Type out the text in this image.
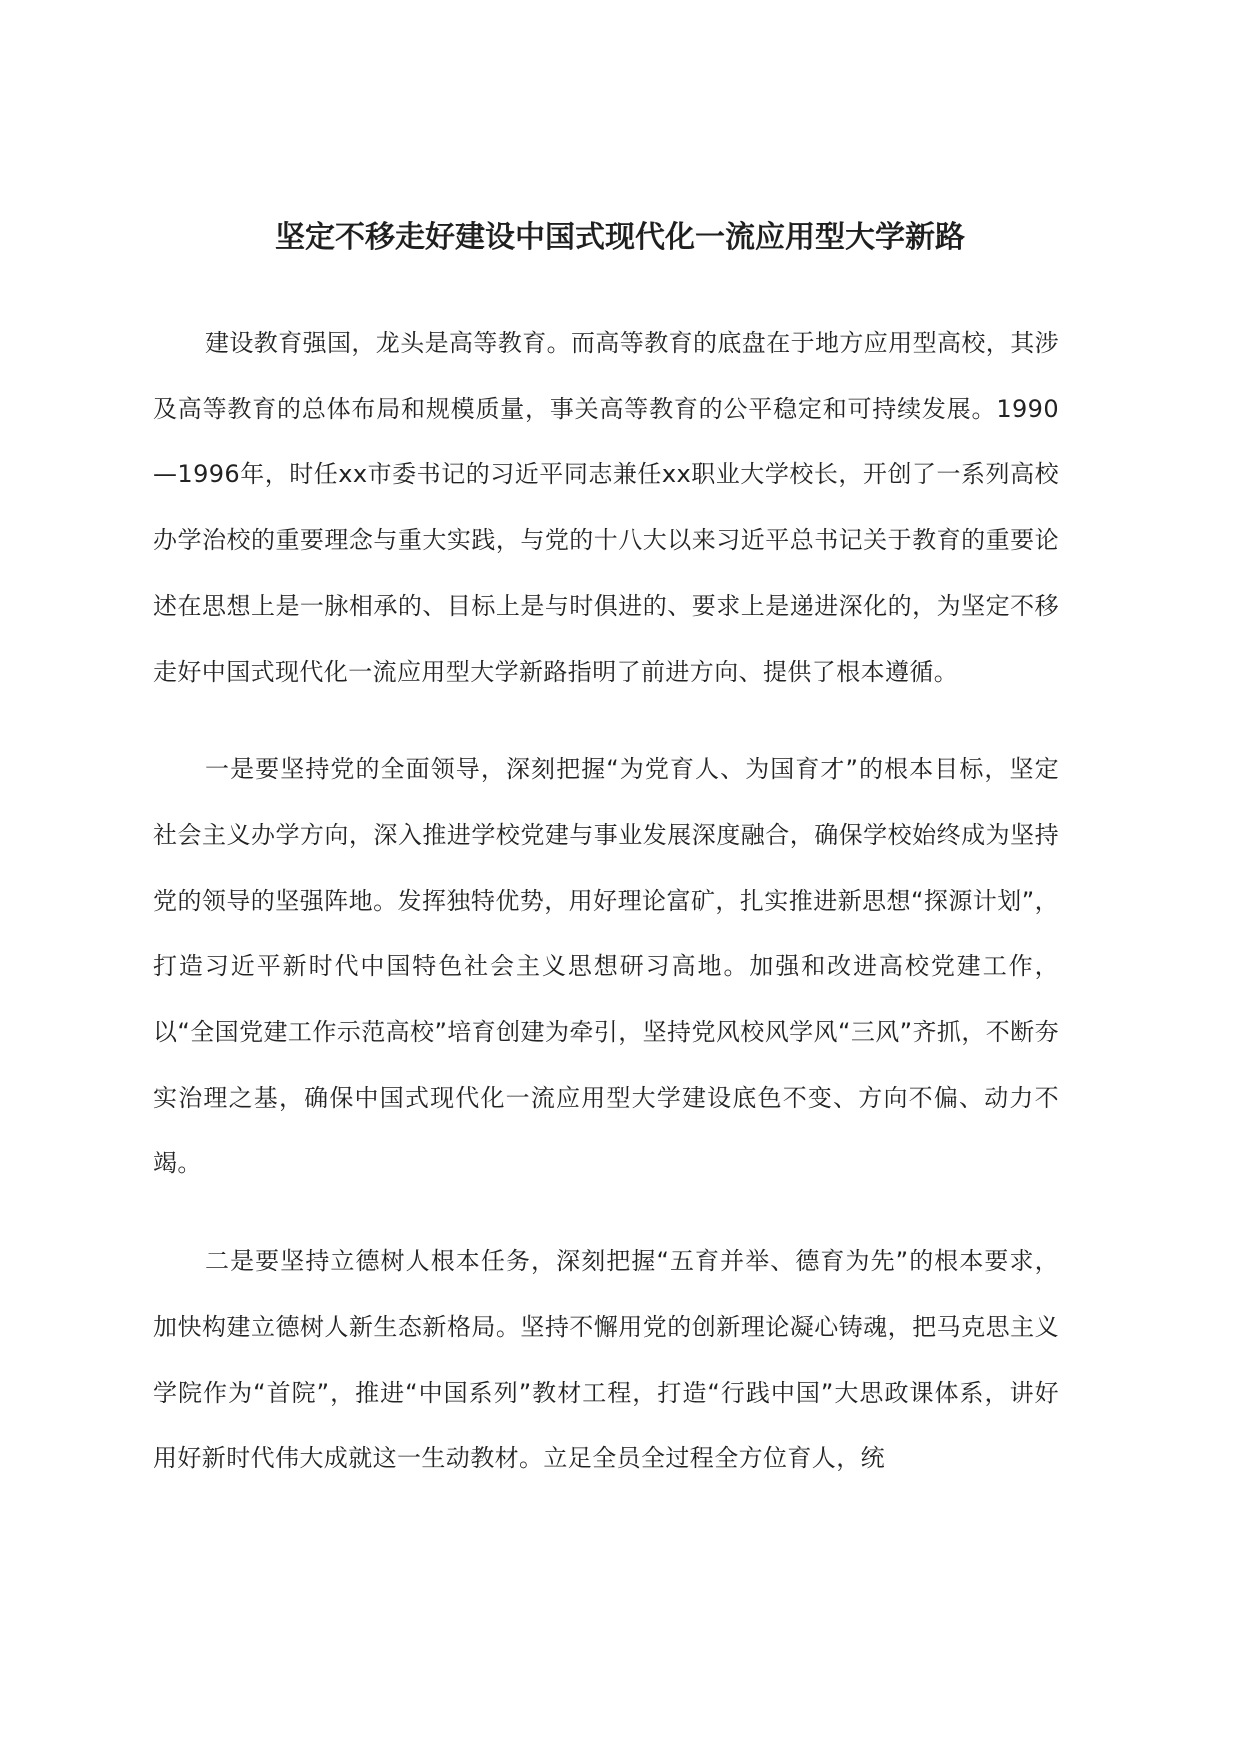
坚定不移走好建设中国式现代化一流应用型大学新路

建设教育强国，龙头是高等教育。而高等教育的底盘在于地方应用型高校，其涉及高等教育的总体布局和规模质量，事关高等教育的公平稳定和可持续发展。1990—1996年，时任xx市委书记的习近平同志兼任xx职业大学校长，开创了一系列高校办学治校的重要理念与重大实践，与党的十八大以来习近平总书记关于教育的重要论述在思想上是一脉相承的、目标上是与时俱进的、要求上是递进深化的，为坚定不移走好中国式现代化一流应用型大学新路指明了前进方向、提供了根本遵循。

一是要坚持党的全面领导，深刻把握“为党育人、为国育才”的根本目标，坚定社会主义办学方向，深入推进学校党建与事业发展深度融合，确保学校始终成为坚持党的领导的坚强阵地。发挥独特优势，用好理论富矿，扎实推进新思想“探源计划”，打造习近平新时代中国特色社会主义思想研习高地。加强和改进高校党建工作，以“全国党建工作示范高校”培育创建为牵引，坚持党风校风学风“三风”齐抓，不断夯实治理之基，确保中国式现代化一流应用型大学建设底色不变、方向不偏、动力不竭。

二是要坚持立德树人根本任务，深刻把握“五育并举、德育为先”的根本要求，加快构建立德树人新生态新格局。坚持不懈用党的创新理论凝心铸魂，把马克思主义学院作为“首院”，推进“中国系列”教材工程，打造“行践中国”大思政课体系，讲好用好新时代伟大成就这一生动教材。立足全员全过程全方位育人，统
